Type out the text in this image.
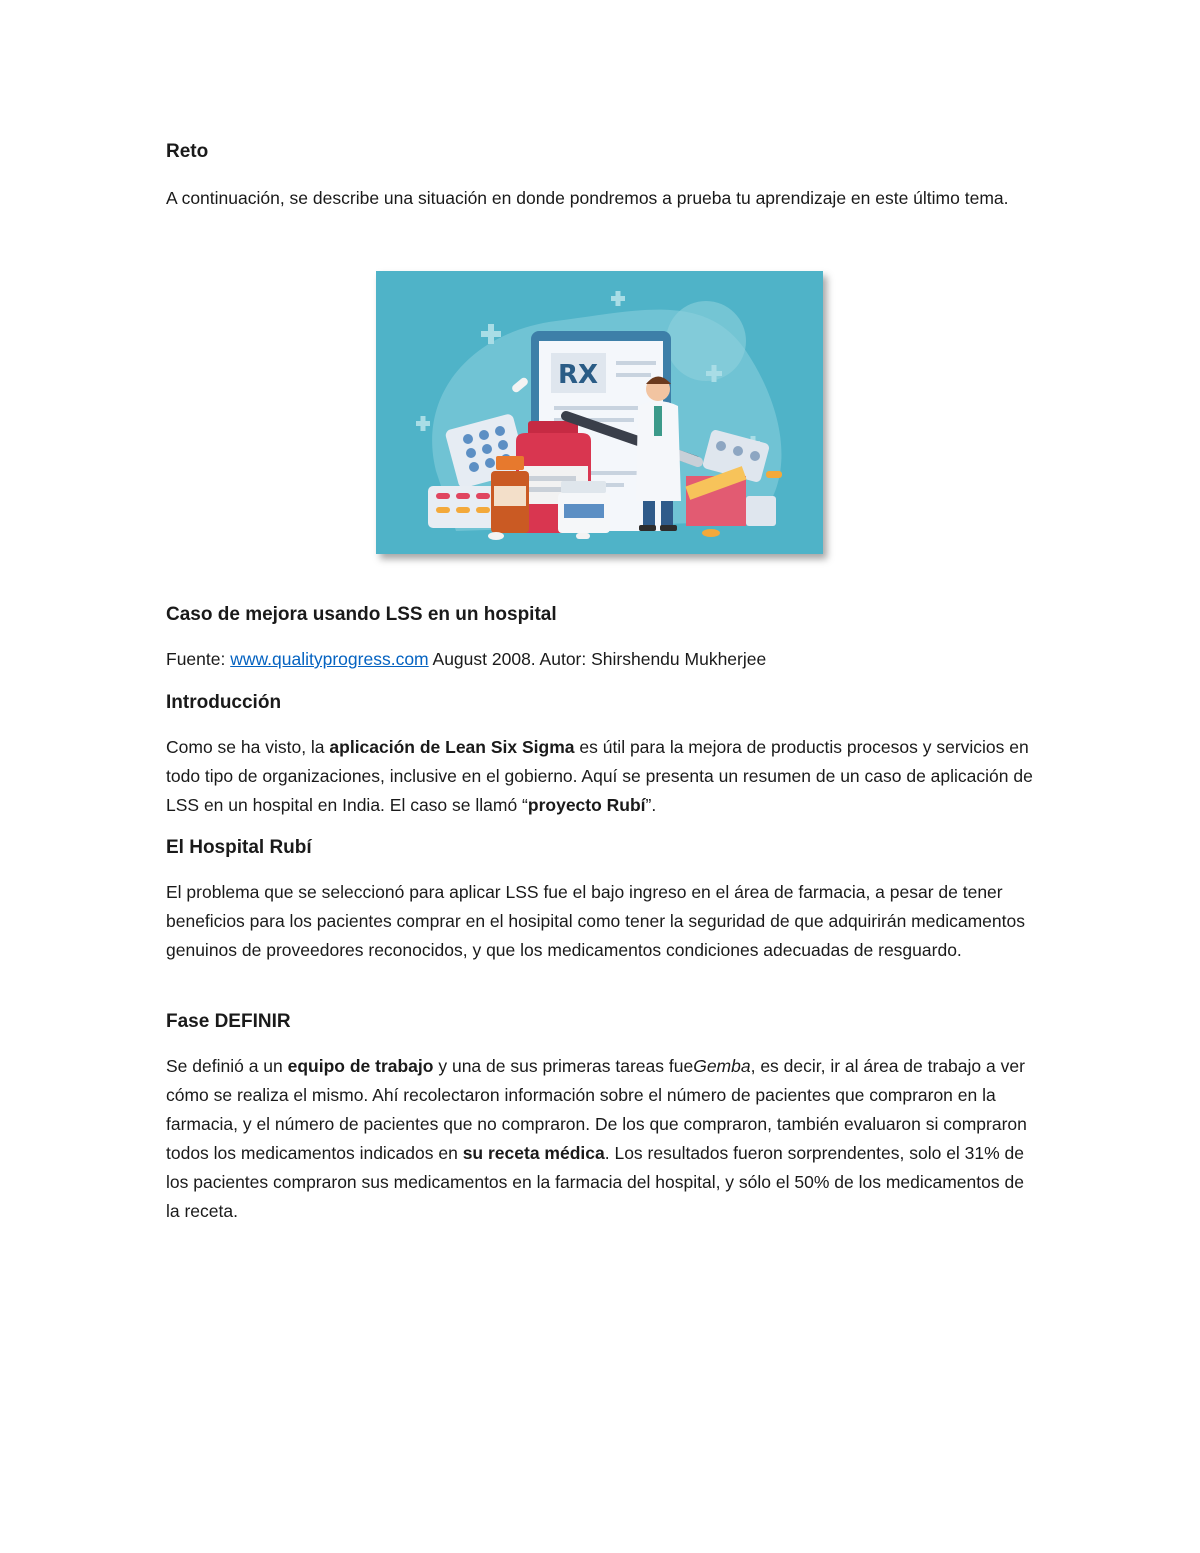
Reto

A continuación, se describe una situación en donde pondremos a prueba tu aprendizaje en este último tema.

Caso de mejora usando LSS en un hospital

Fuente: www.qualityprogress.com August 2008. Autor: Shirshendu Mukherjee

Introducción

Como se ha visto, la aplicación de Lean Six Sigma es útil para la mejora de productis procesos y servicios en todo tipo de organizaciones, inclusive en el gobierno. Aquí se presenta un resumen de un caso de aplicación de LSS en un hospital en India. El caso se llamó “proyecto Rubí”.

El Hospital Rubí

El problema que se seleccionó para aplicar LSS fue el bajo ingreso en el área de farmacia, a pesar de tener beneficios para los pacientes comprar en el hosipital como tener la seguridad de que adquirirán medicamentos genuinos de proveedores reconocidos, y que los medicamentos condiciones adecuadas de resguardo.

Fase DEFINIR

Se definió a un equipo de trabajo y una de sus primeras tareas fueGemba, es decir, ir al área de trabajo a ver cómo se realiza el mismo. Ahí recolectaron información sobre el número de pacientes que compraron en la farmacia, y el número de pacientes que no compraron. De los que compraron, también evaluaron si compraron todos los medicamentos indicados en su receta médica. Los resultados fueron sorprendentes, solo el 31% de los pacientes compraron sus medicamentos en la farmacia del hospital, y sólo el 50% de los medicamentos de la receta.

RX
